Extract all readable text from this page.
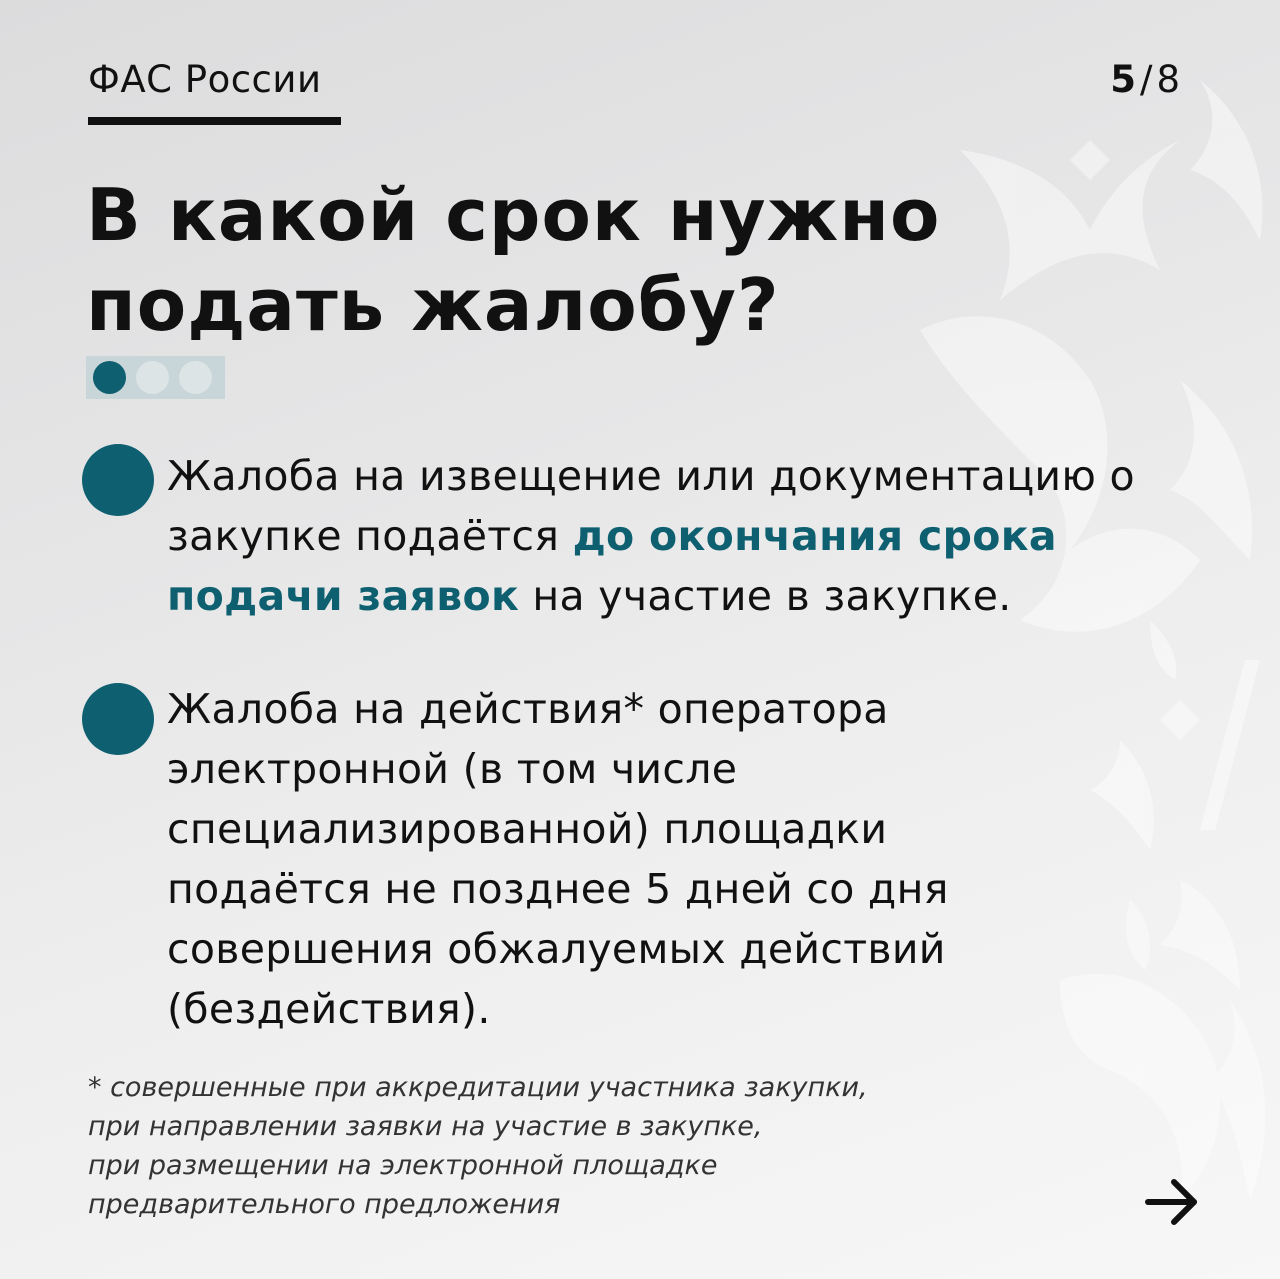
ФАС России	5 / 8
В какой срок нужно
подать жалобу?

Жалоба на извещение или документацию о закупке подаётся до окончания срока подачи заявок на участие в закупке.

Жалоба на действия* оператора электронной (в том числе специализированной) площадки подаётся не позднее 5 дней со дня совершения обжалуемых действий (бездействия).

* совершенные при аккредитации участника закупки,
при направлении заявки на участие в закупке,
при размещении на электронной площадке
предварительного предложения
